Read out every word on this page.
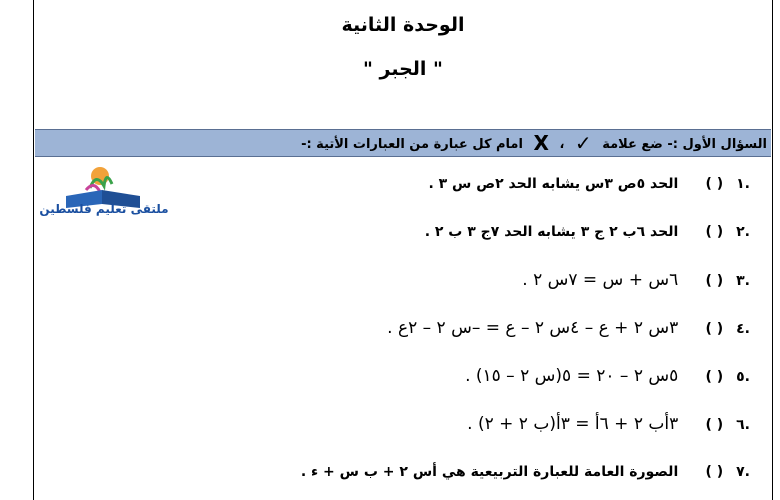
الوحدة الثانية
" الجبر "
السؤال الأول :- ضع علامة ✓ ، X امام كل عبارة من العبارات الأتية :-
ملتقى تعليم فلسطين
.١ ( ) الحد ٥ص ٣س يشابه الحد ٢ص س ٣ .
.٢ ( ) الحد ٦ب ٢ ج ٣ يشابه الحد ٧ج ٣ ب ٢ .
.٣ ( ) ٦س + س = ٧س ٢ .
.٤ ( ) ٣س ٢ + ع – ٤س ٢ – ع = –س ٢ – ٢ع .
.٥ ( ) ٥س ٢ – ٢٠ = ٥(س ٢ – ١٥) .
.٦ ( ) ٣أب ٢ + ٦أ = ٣أ(ب ٢ + ٢) .
.٧ ( ) الصورة العامة للعبارة التربيعية هي أس ٢ + ب س + ء .
